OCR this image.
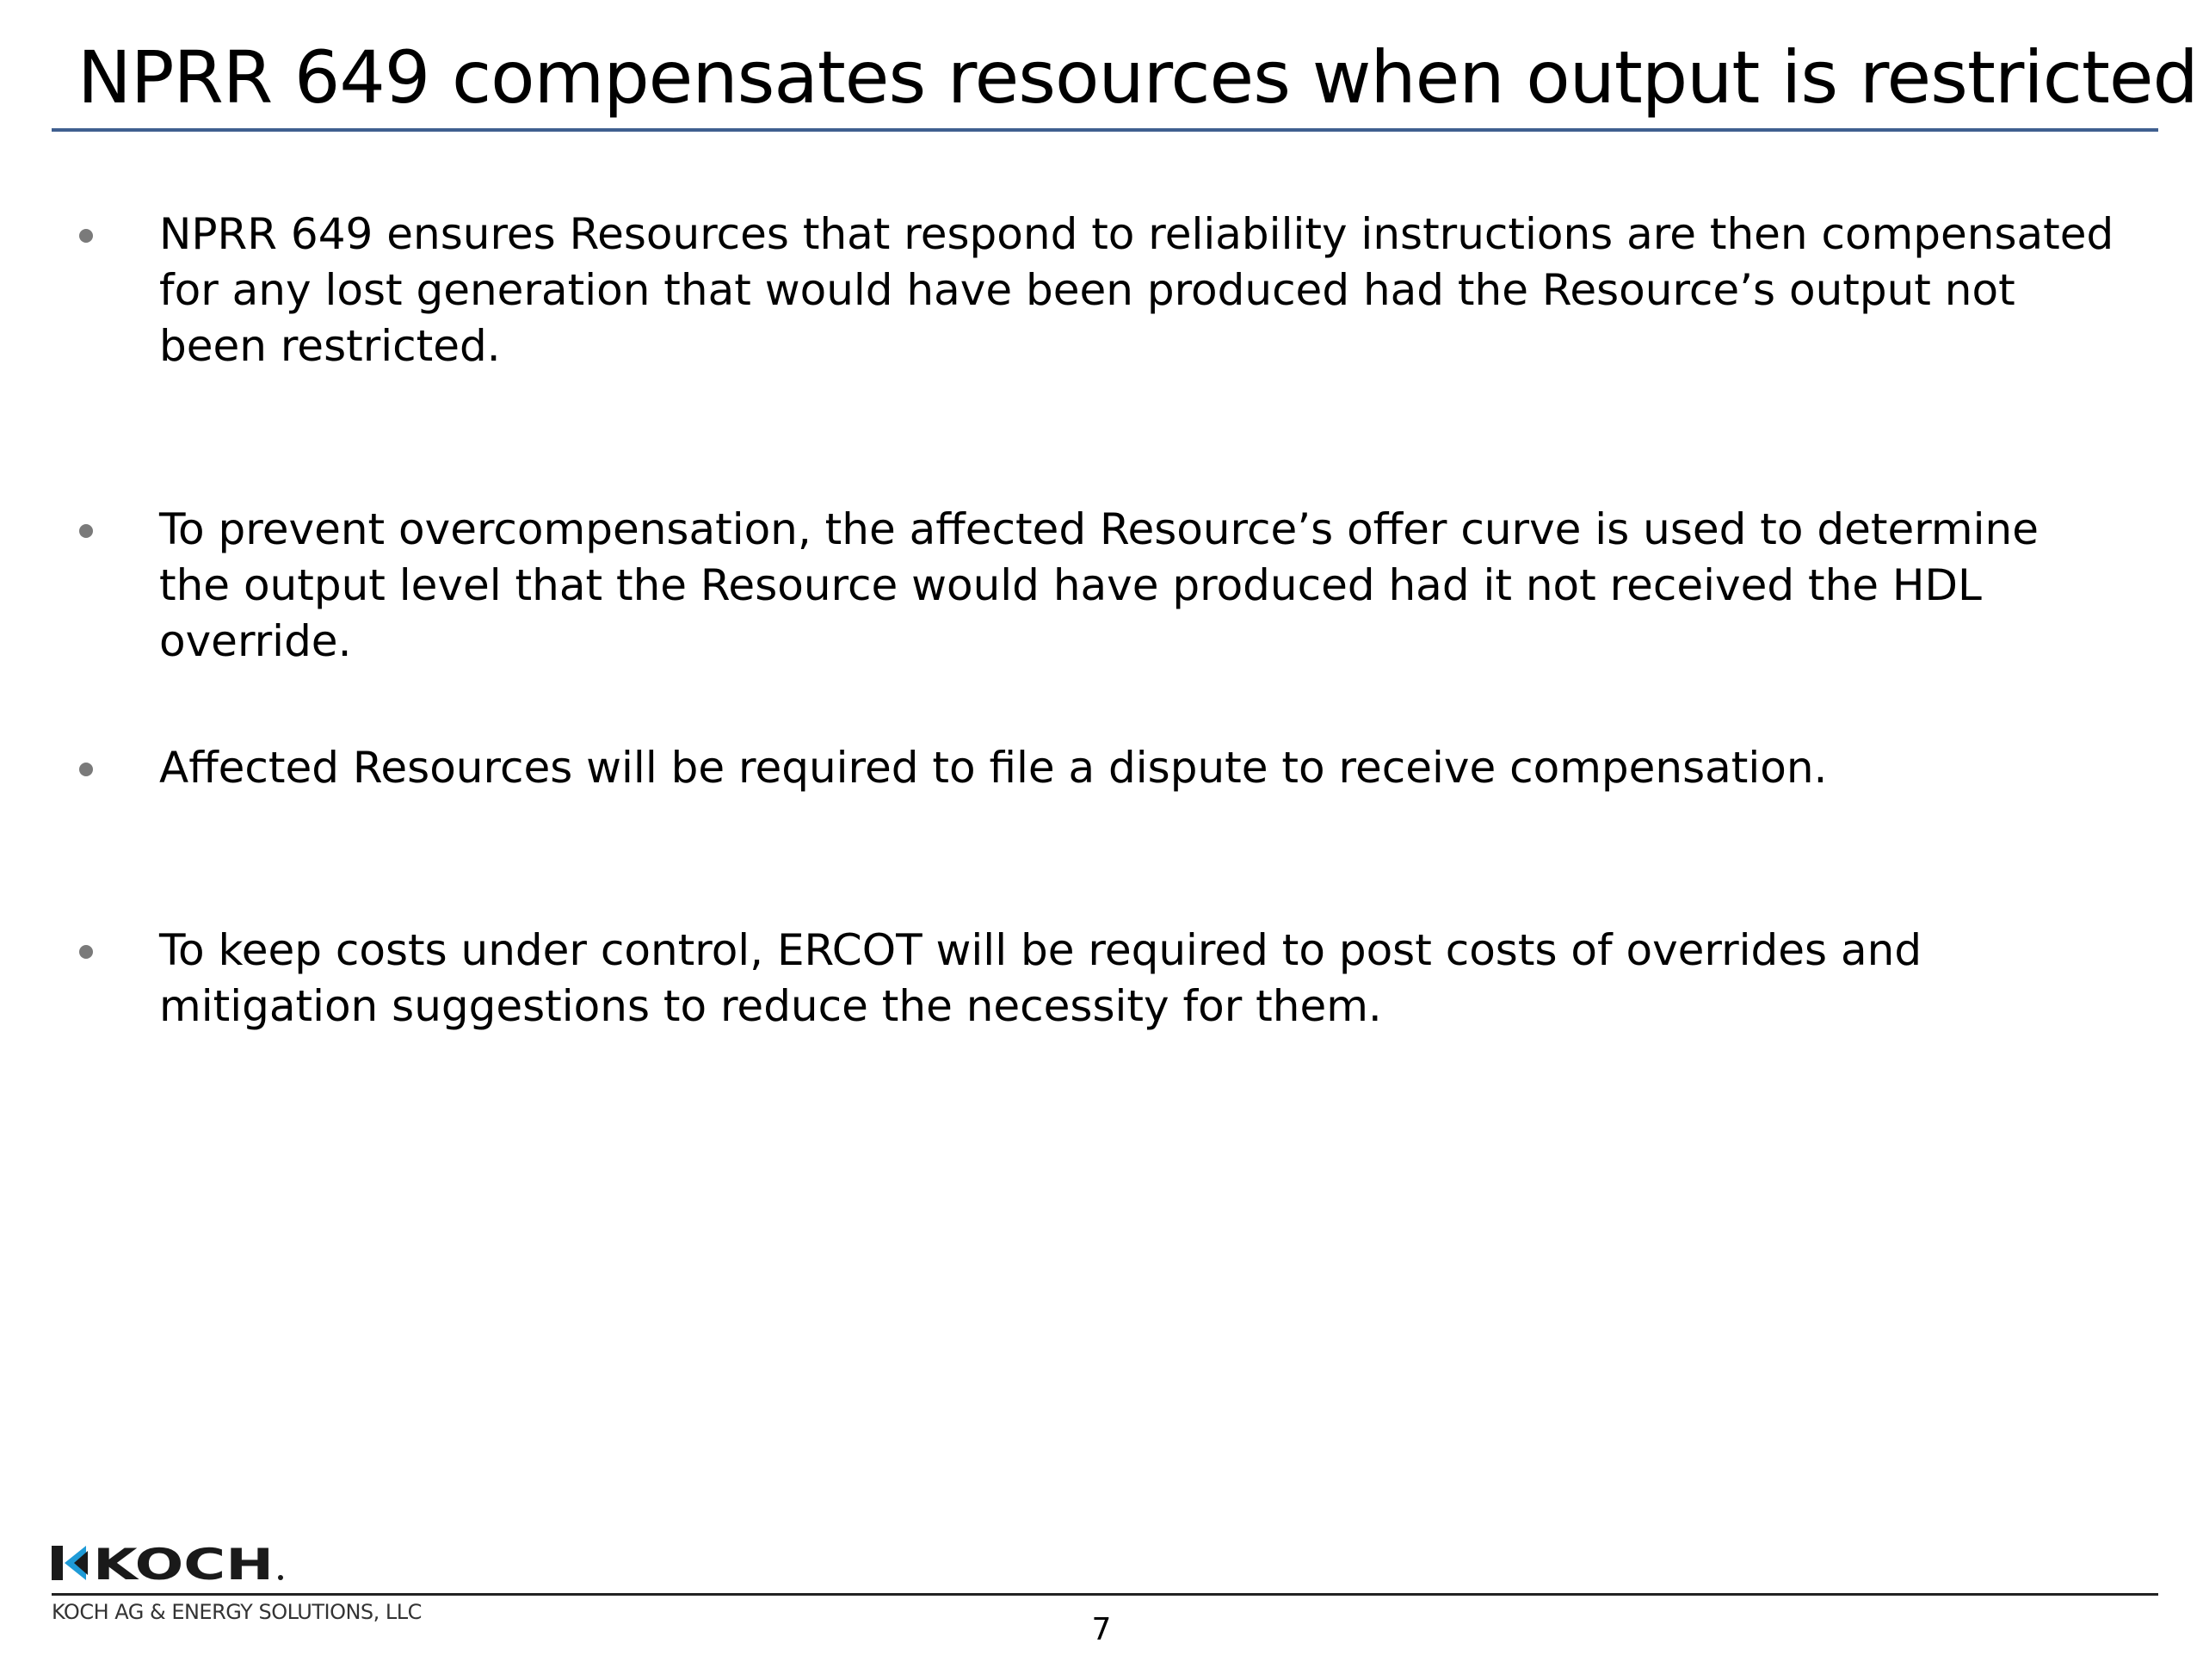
NPRR 649 compensates resources when output is restricted
NPRR 649 ensures Resources that respond to reliability instructions are then compensated for any lost generation that would have been produced had the Resource’s output not been restricted.
To prevent overcompensation, the affected Resource’s offer curve is used to determine the output level that the Resource would have produced had it not received the HDL override.
Affected Resources will be required to file a dispute to receive compensation.
To keep costs under control, ERCOT will be required to post costs of overrides and mitigation suggestions to reduce the necessity for them.
KOCH
KOCH AG & ENERGY SOLUTIONS, LLC	7
